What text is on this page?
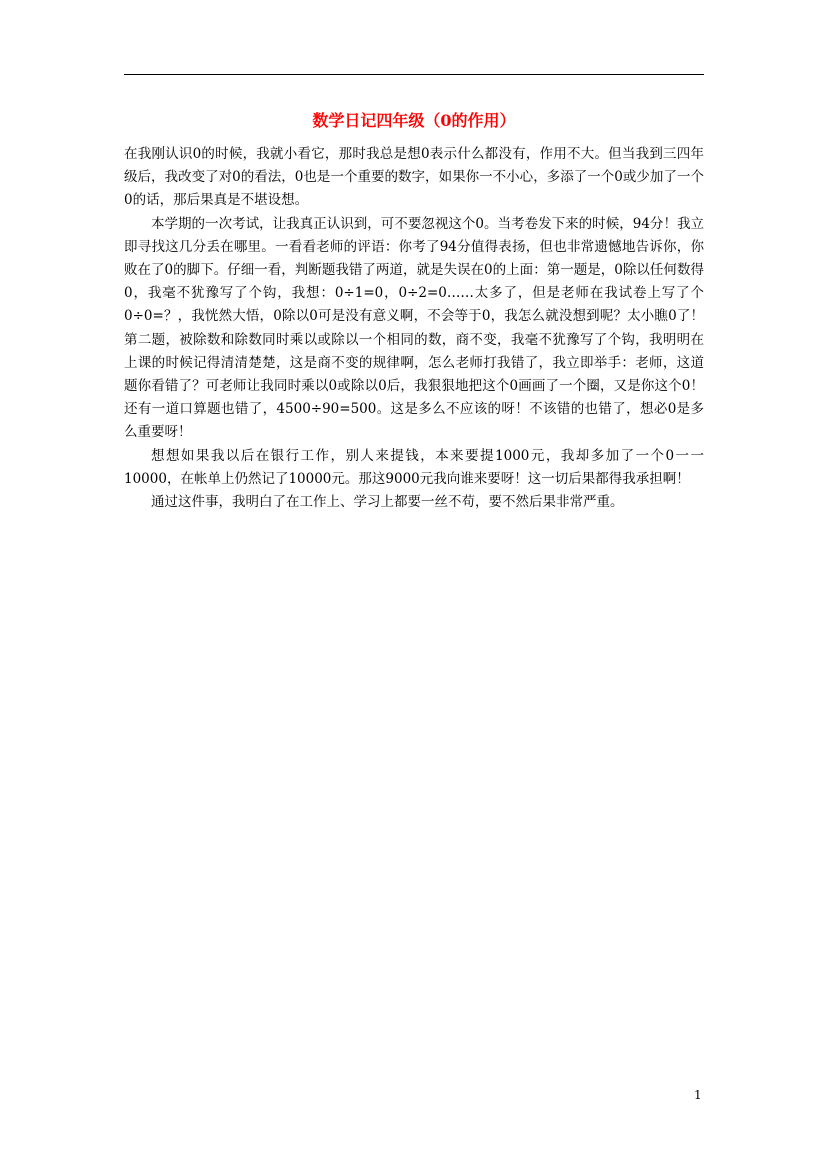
数学日记四年级（0的作用）

在我刚认识0的时候，我就小看它，那时我总是想0表示什么都没有，作用不大。但当我到三四年级后，我改变了对0的看法，0也是一个重要的数字，如果你一不小心，多添了一个0或少加了一个0的话，那后果真是不堪设想。

本学期的一次考试，让我真正认识到，可不要忽视这个0。当考卷发下来的时候，94分！我立即寻找这几分丢在哪里。一看看老师的评语：你考了94分值得表扬，但也非常遗憾地告诉你，你败在了0的脚下。仔细一看，判断题我错了两道，就是失误在0的上面：第一题是，0除以任何数得0，我毫不犹豫写了个钩，我想：0÷1=0，0÷2=0……太多了，但是老师在我试卷上写了个0÷0=？，我恍然大悟，0除以0可是没有意义啊，不会等于0，我怎么就没想到呢？太小瞧0了！第二题，被除数和除数同时乘以或除以一个相同的数，商不变，我毫不犹豫写了个钩，我明明在上课的时候记得清清楚楚，这是商不变的规律啊，怎么老师打我错了，我立即举手：老师，这道题你看错了？可老师让我同时乘以0或除以0后，我狠狠地把这个0画画了一个圈，又是你这个0！还有一道口算题也错了，4500÷90=500。这是多么不应该的呀！不该错的也错了，想必0是多么重要呀！

想想如果我以后在银行工作，别人来提钱，本来要提1000元，我却多加了一个0一一10000，在帐单上仍然记了10000元。那这9000元我向谁来要呀！这一切后果都得我承担啊！

通过这件事，我明白了在工作上、学习上都要一丝不苟，要不然后果非常严重。

1
